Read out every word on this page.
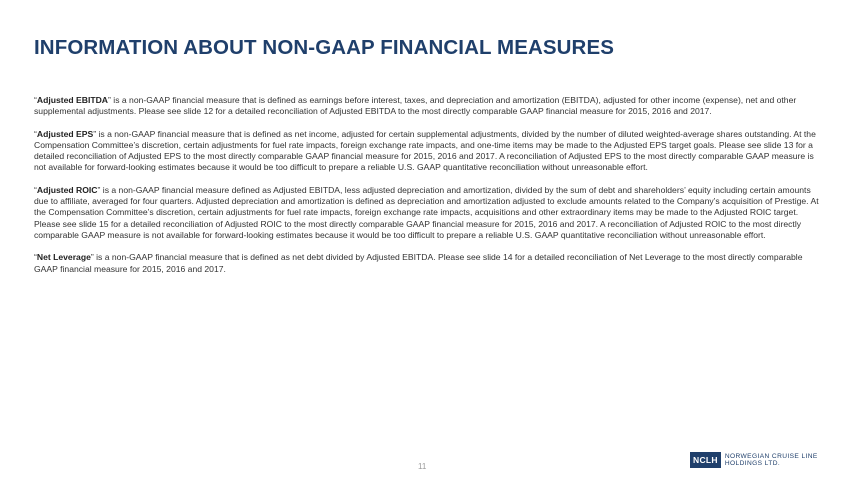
INFORMATION ABOUT NON-GAAP FINANCIAL MEASURES

“Adjusted EBITDA” is a non-GAAP financial measure that is defined as earnings before interest, taxes, and depreciation and amortization (EBITDA), adjusted for other income (expense), net and other supplemental adjustments. Please see slide 12 for a detailed reconciliation of Adjusted EBITDA to the most directly comparable GAAP financial measure for 2015, 2016 and 2017.

“Adjusted EPS” is a non-GAAP financial measure that is defined as net income, adjusted for certain supplemental adjustments, divided by the number of diluted weighted-average shares outstanding. At the Compensation Committee’s discretion, certain adjustments for fuel rate impacts, foreign exchange rate impacts, and one-time items may be made to the Adjusted EPS target goals. Please see slide 13 for a detailed reconciliation of Adjusted EPS to the most directly comparable GAAP financial measure for 2015, 2016 and 2017. A reconciliation of Adjusted EPS to the most directly comparable GAAP measure is not available for forward-looking estimates because it would be too difficult to prepare a reliable U.S. GAAP quantitative reconciliation without unreasonable effort.

“Adjusted ROIC” is a non-GAAP financial measure defined as Adjusted EBITDA, less adjusted depreciation and amortization, divided by the sum of debt and shareholders’ equity including certain amounts due to affiliate, averaged for four quarters. Adjusted depreciation and amortization is defined as depreciation and amortization adjusted to exclude amounts related to the Company’s acquisition of Prestige. At the Compensation Committee’s discretion, certain adjustments for fuel rate impacts, foreign exchange rate impacts, acquisitions and other extraordinary items may be made to the Adjusted ROIC target. Please see slide 15 for a detailed reconciliation of Adjusted ROIC to the most directly comparable GAAP financial measure for 2015, 2016 and 2017. A reconciliation of Adjusted ROIC to the most directly comparable GAAP measure is not available for forward-looking estimates because it would be too difficult to prepare a reliable U.S. GAAP quantitative reconciliation without unreasonable effort.

“Net Leverage” is a non-GAAP financial measure that is defined as net debt divided by Adjusted EBITDA. Please see slide 14 for a detailed reconciliation of Net Leverage to the most directly comparable GAAP financial measure for 2015, 2016 and 2017.

11
NCLH	NORWEGIAN CRUISE LINE
HOLDINGS LTD.
